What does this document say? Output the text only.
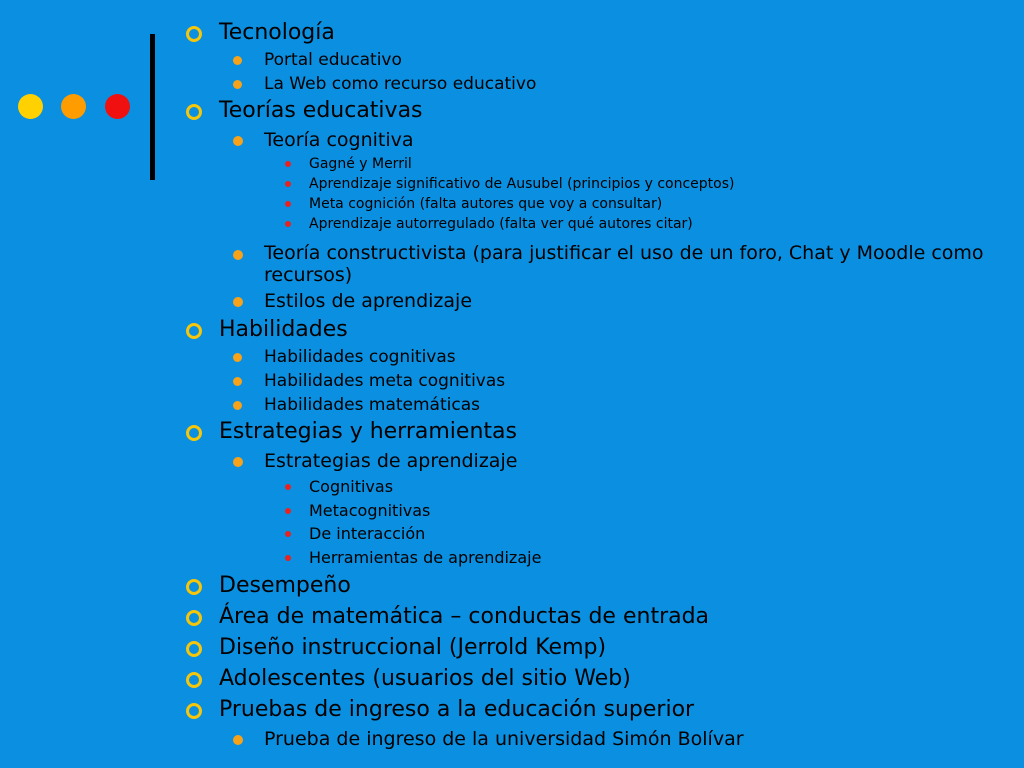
Tecnología
Portal educativo
La Web como recurso educativo
Teorías educativas
Teoría cognitiva
Gagné y Merril
Aprendizaje significativo de Ausubel (principios y conceptos)
Meta cognición (falta autores que voy a consultar)
Aprendizaje autorregulado (falta ver qué autores citar)
Teoría constructivista (para justificar el uso de un foro, Chat y Moodle como recursos)
Estilos de aprendizaje
Habilidades
Habilidades cognitivas
Habilidades meta cognitivas
Habilidades matemáticas
Estrategias y herramientas
Estrategias de aprendizaje
Cognitivas
Metacognitivas
De interacción
Herramientas de aprendizaje
Desempeño
Área de matemática – conductas de entrada
Diseño instruccional (Jerrold Kemp)
Adolescentes (usuarios del sitio Web)
Pruebas de ingreso a la educación superior
Prueba de ingreso de la universidad Simón Bolívar
